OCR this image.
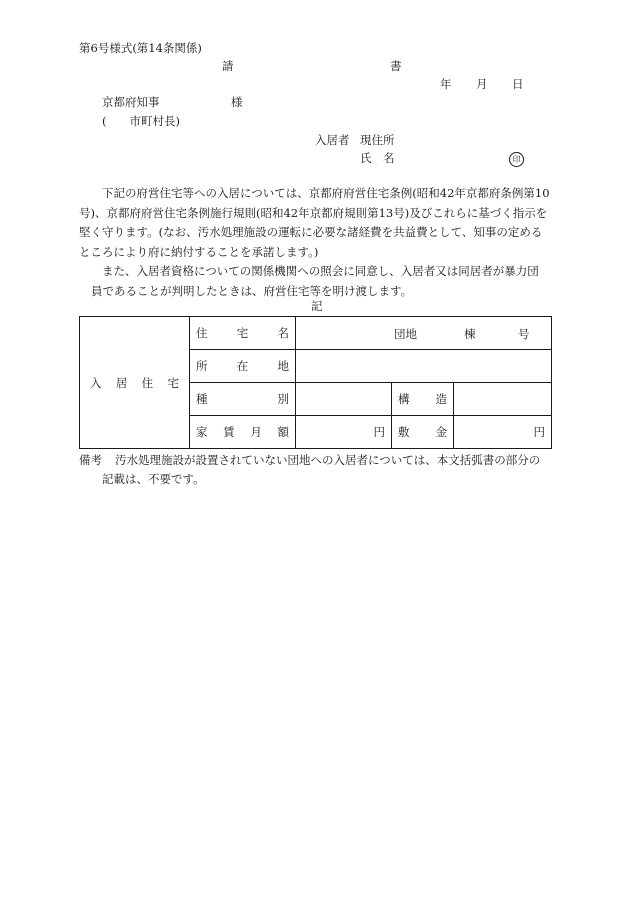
第6号様式(第14条関係)
請	書
年 月 日
京都府知事	様
(　　市町村長)
入居者 現住所
氏　名	印

下記の府営住宅等への入居については、京都府府営住宅条例(昭和42年京都府条例第10号)、京都府府営住宅条例施行規則(昭和42年京都府規則第13号)及びこれらに基づく指示を堅く守ります。(なお、汚水処理施設の運転に必要な諸経費を共益費として、知事の定めるところにより府に納付することを承諾します。)

また、入居者資格についての関係機関への照会に同意し、入居者又は同居者が暴力団

員であることが判明したときは、府営住宅等を明け渡します。

記
入 居 住 宅	住 宅 名	団地 棟 号		

	所 在 地			

	種 別		構 造	

	家 賃 月 額	円	敷 金	円
備考 汚水処理施設が設置されていない団地への入居者については、本文括弧書の部分の
記載は、不要です。
